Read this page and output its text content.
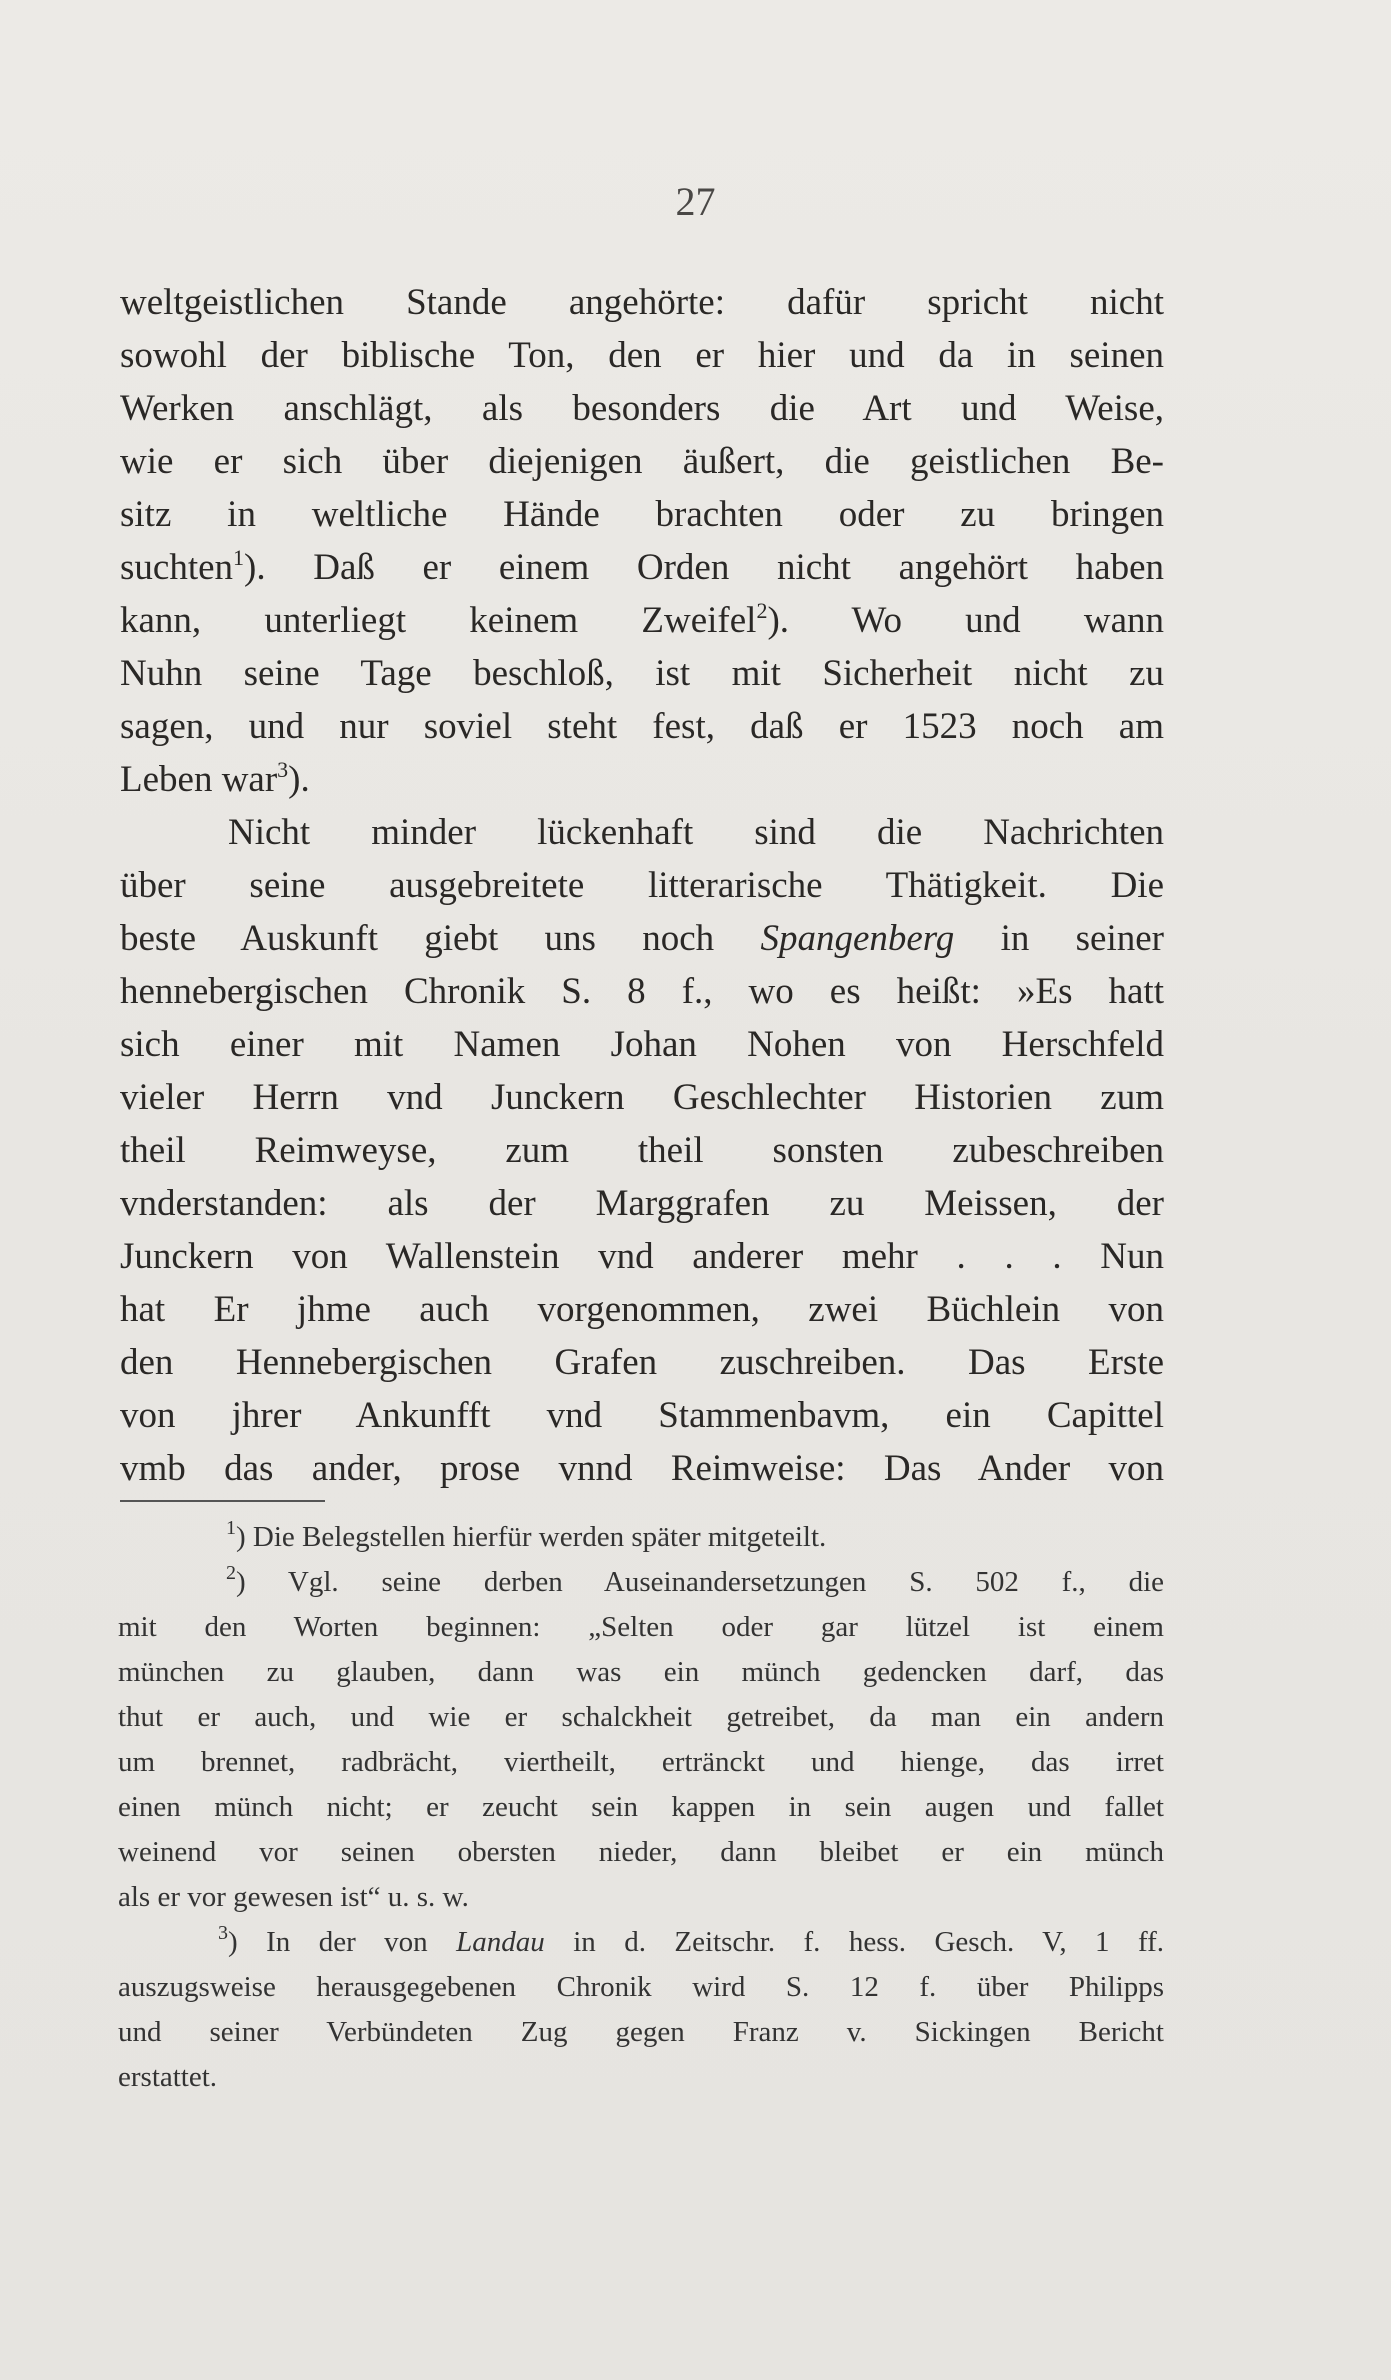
27
weltgeistlichen Stande angehörte: dafür spricht nicht
sowohl der biblische Ton, den er hier und da in seinen
Werken anschlägt, als besonders die Art und Weise,
wie er sich über diejenigen äußert, die geistlichen Be-
sitz in weltliche Hände brachten oder zu bringen
suchten$^1$). Daß er einem Orden nicht angehört haben
kann, unterliegt keinem Zweifel$^2$). Wo und wann
Nuhn seine Tage beschloß, ist mit Sicherheit nicht zu
sagen, und nur soviel steht fest, daß er 1523 noch am
Leben war$^3$).
Nicht minder lückenhaft sind die Nachrichten
über seine ausgebreitete litterarische Thätigkeit. Die
beste Auskunft giebt uns noch Spangenberg in seiner
hennebergischen Chronik S. 8 f., wo es heißt: »Es hatt
sich einer mit Namen Johan Nohen von Herschfeld
vieler Herrn vnd Junckern Geschlechter Historien zum
theil Reimweyse, zum theil sonsten zubeschreiben
vnderstanden: als der Marggrafen zu Meissen, der
Junckern von Wallenstein vnd anderer mehr . . . Nun
hat Er jhme auch vorgenommen, zwei Büchlein von
den Hennebergischen Grafen zuschreiben. Das Erste
von jhrer Ankunfft vnd Stammenbavm, ein Capittel
vmb das ander, prose vnnd Reimweise: Das Ander von
$^1$) Die Belegstellen hierfür werden später mitgeteilt.
$^2$) Vgl. seine derben Auseinandersetzungen S. 502 f., die
mit den Worten beginnen: „Selten oder gar lützel ist einem
münchen zu glauben, dann was ein münch gedencken darf, das
thut er auch, und wie er schalckheit getreibet, da man ein andern
um brennet, radbrächt, viertheilt, ertränckt und hienge, das irret
einen münch nicht; er zeucht sein kappen in sein augen und fallet
weinend vor seinen obersten nieder, dann bleibet er ein münch
als er vor gewesen ist“ u. s. w.
$^3$) In der von Landau in d. Zeitschr. f. hess. Gesch. V, 1 ff.
auszugsweise herausgegebenen Chronik wird S. 12 f. über Philipps
und seiner Verbündeten Zug gegen Franz v. Sickingen Bericht
erstattet.
